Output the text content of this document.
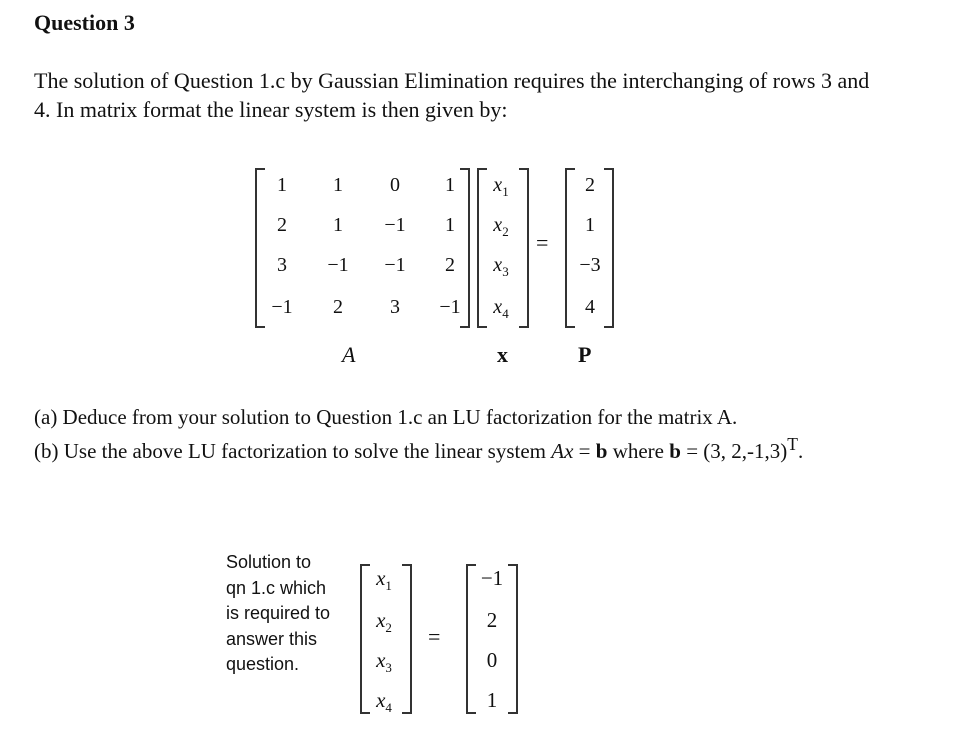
Question 3
The solution of Question 1.c by Gaussian Elimination requires the interchanging of rows 3 and
4. In matrix format the linear system is then given by:
1	1	0	1
2	1	−1	1
3	−1	−1	2
−1	2	3	−1
$x_1$
$x_2$
$x_3$
$x_4$
=
2
1
−3
4
A	x	P
(a) Deduce from your solution to Question 1.c an LU factorization for the matrix A.
(b) Use the above LU factorization to solve the linear system Ax = b where b = (3, 2,-1,3)$^T$.
Solution to qn 1.c which is required to answer this question.
$x_1$
$x_2$
$x_3$
$x_4$
=
−1
2
0
1
